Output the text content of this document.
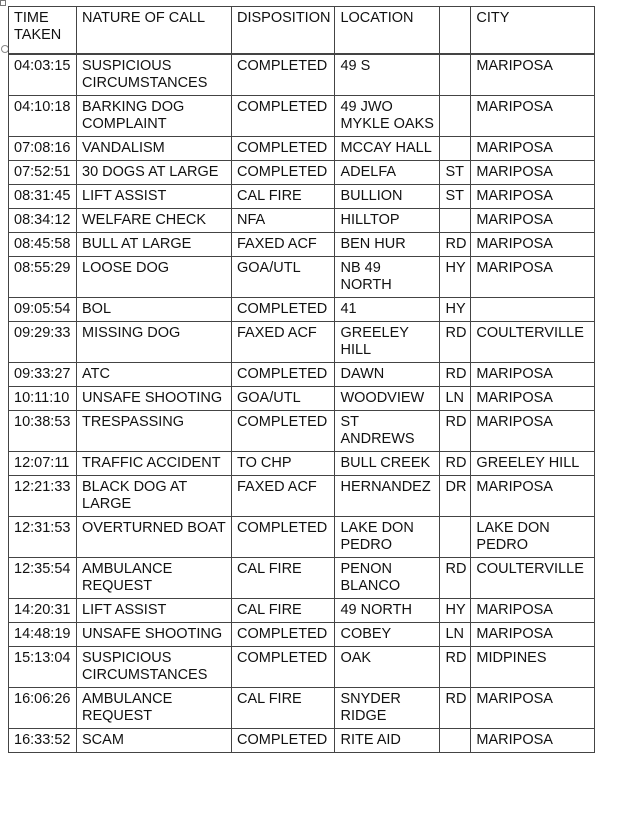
TIME TAKEN	NATURE OF CALL	DISPOSITION	LOCATION		CITY
04:03:15	SUSPICIOUS CIRCUMSTANCES	COMPLETED	49 S		MARIPOSA
04:10:18	BARKING DOG COMPLAINT	COMPLETED	49 JWO MYKLE OAKS		MARIPOSA
07:08:16	VANDALISM	COMPLETED	MCCAY HALL		MARIPOSA
07:52:51	30 DOGS AT LARGE	COMPLETED	ADELFA	ST	MARIPOSA
08:31:45	LIFT ASSIST	CAL FIRE	BULLION	ST	MARIPOSA
08:34:12	WELFARE CHECK	NFA	HILLTOP		MARIPOSA
08:45:58	BULL AT LARGE	FAXED ACF	BEN HUR	RD	MARIPOSA
08:55:29	LOOSE DOG	GOA/UTL	NB 49 NORTH	HY	MARIPOSA
09:05:54	BOL	COMPLETED	41	HY	
09:29:33	MISSING DOG	FAXED ACF	GREELEY HILL	RD	COULTERVILLE
09:33:27	ATC	COMPLETED	DAWN	RD	MARIPOSA
10:11:10	UNSAFE SHOOTING	GOA/UTL	WOODVIEW	LN	MARIPOSA
10:38:53	TRESPASSING	COMPLETED	ST ANDREWS	RD	MARIPOSA
12:07:11	TRAFFIC ACCIDENT	TO CHP	BULL CREEK	RD	GREELEY HILL
12:21:33	BLACK DOG AT LARGE	FAXED ACF	HERNANDEZ	DR	MARIPOSA
12:31:53	OVERTURNED BOAT	COMPLETED	LAKE DON PEDRO		LAKE DON PEDRO
12:35:54	AMBULANCE REQUEST	CAL FIRE	PENON BLANCO	RD	COULTERVILLE
14:20:31	LIFT ASSIST	CAL FIRE	49 NORTH	HY	MARIPOSA
14:48:19	UNSAFE SHOOTING	COMPLETED	COBEY	LN	MARIPOSA
15:13:04	SUSPICIOUS CIRCUMSTANCES	COMPLETED	OAK	RD	MIDPINES
16:06:26	AMBULANCE REQUEST	CAL FIRE	SNYDER RIDGE	RD	MARIPOSA
16:33:52	SCAM	COMPLETED	RITE AID		MARIPOSA
